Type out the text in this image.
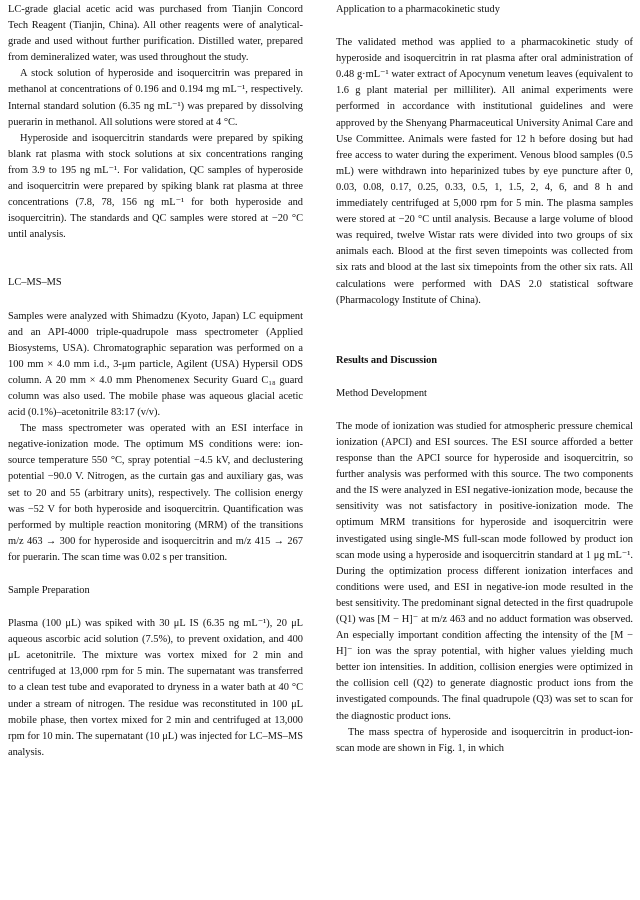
LC-grade glacial acetic acid was purchased from Tianjin Concord Tech Reagent (Tianjin, China). All other reagents were of analytical-grade and used without further purification. Distilled water, prepared from demineralized water, was used throughout the study.

A stock solution of hyperoside and isoquercitrin was prepared in methanol at concentrations of 0.196 and 0.194 mg mL⁻¹, respectively. Internal standard solution (6.35 ng mL⁻¹) was prepared by dissolving puerarin in methanol. All solutions were stored at 4 °C.

Hyperoside and isoquercitrin standards were prepared by spiking blank rat plasma with stock solutions at six concentrations ranging from 3.9 to 195 ng mL⁻¹. For validation, QC samples of hyperoside and isoquercitrin were prepared by spiking blank rat plasma at three concentrations (7.8, 78, 156 ng mL⁻¹ for both hyperoside and isoquercitrin). The standards and QC samples were stored at −20 °C until analysis.

LC–MS–MS

Samples were analyzed with Shimadzu (Kyoto, Japan) LC equipment and an API-4000 triple-quadrupole mass spectrometer (Applied Biosystems, USA). Chromatographic separation was performed on a 100 mm × 4.0 mm i.d., 3-μm particle, Agilent (USA) Hypersil ODS column. A 20 mm × 4.0 mm Phenomenex Security Guard C₁₈ guard column was also used. The mobile phase was aqueous glacial acetic acid (0.1%)–acetonitrile 83:17 (v/v).

The mass spectrometer was operated with an ESI interface in negative-ionization mode. The optimum MS conditions were: ion-source temperature 550 °C, spray potential −4.5 kV, and declustering potential −90.0 V. Nitrogen, as the curtain gas and auxiliary gas, was set to 20 and 55 (arbitrary units), respectively. The collision energy was −52 V for both hyperoside and isoquercitrin. Quantification was performed by multiple reaction monitoring (MRM) of the transitions m/z 463 → 300 for hyperoside and isoquercitrin and m/z 415 → 267 for puerarin. The scan time was 0.02 s per transition.

Sample Preparation

Plasma (100 μL) was spiked with 30 μL IS (6.35 ng mL⁻¹), 20 μL aqueous ascorbic acid solution (7.5%), to prevent oxidation, and 400 μL acetonitrile. The mixture was vortex mixed for 2 min and centrifuged at 13,000 rpm for 5 min. The supernatant was transferred to a clean test tube and evaporated to dryness in a water bath at 40 °C under a stream of nitrogen. The residue was reconstituted in 100 μL mobile phase, then vortex mixed for 2 min and centrifuged at 13,000 rpm for 10 min. The supernatant (10 μL) was injected for LC–MS–MS analysis.

Application to a pharmacokinetic study

The validated method was applied to a pharmacokinetic study of hyperoside and isoquercitrin in rat plasma after oral administration of 0.48 g·mL⁻¹ water extract of Apocynum venetum leaves (equivalent to 1.6 g plant material per milliliter). All animal experiments were performed in accordance with institutional guidelines and were approved by the Shenyang Pharmaceutical University Animal Care and Use Committee. Animals were fasted for 12 h before dosing but had free access to water during the experiment. Venous blood samples (0.5 mL) were withdrawn into heparinized tubes by eye puncture after 0, 0.03, 0.08, 0.17, 0.25, 0.33, 0.5, 1, 1.5, 2, 4, 6, and 8 h and immediately centrifuged at 5,000 rpm for 5 min. The plasma samples were stored at −20 °C until analysis. Because a large volume of blood was required, twelve Wistar rats were divided into two groups of six animals each. Blood at the first seven timepoints was collected from six rats and blood at the last six timepoints from the other six rats. All calculations were performed with DAS 2.0 statistical software (Pharmacology Institute of China).

Results and Discussion

Method Development

The mode of ionization was studied for atmospheric pressure chemical ionization (APCI) and ESI sources. The ESI source afforded a better response than the APCI source for hyperoside and isoquercitrin, so further analysis was performed with this source. The two components and the IS were analyzed in ESI negative-ionization mode, because the sensitivity was not satisfactory in positive-ionization mode. The optimum MRM transitions for hyperoside and isoquercitrin were investigated using single-MS full-scan mode followed by product ion scan mode using a hyperoside and isoquercitrin standard at 1 μg mL⁻¹. During the optimization process different ionization interfaces and conditions were used, and ESI in negative-ion mode resulted in the best sensitivity. The predominant signal detected in the first quadrupole (Q1) was [M − H]⁻ at m/z 463 and no adduct formation was observed. An especially important condition affecting the intensity of the [M − H]⁻ ion was the spray potential, with higher values yielding much better ion intensities. In addition, collision energies were optimized in the collision cell (Q2) to generate diagnostic product ions from the investigated compounds. The final quadrupole (Q3) was set to scan for the diagnostic product ions.

The mass spectra of hyperoside and isoquercitrin in product-ion-scan mode are shown in Fig. 1, in which
